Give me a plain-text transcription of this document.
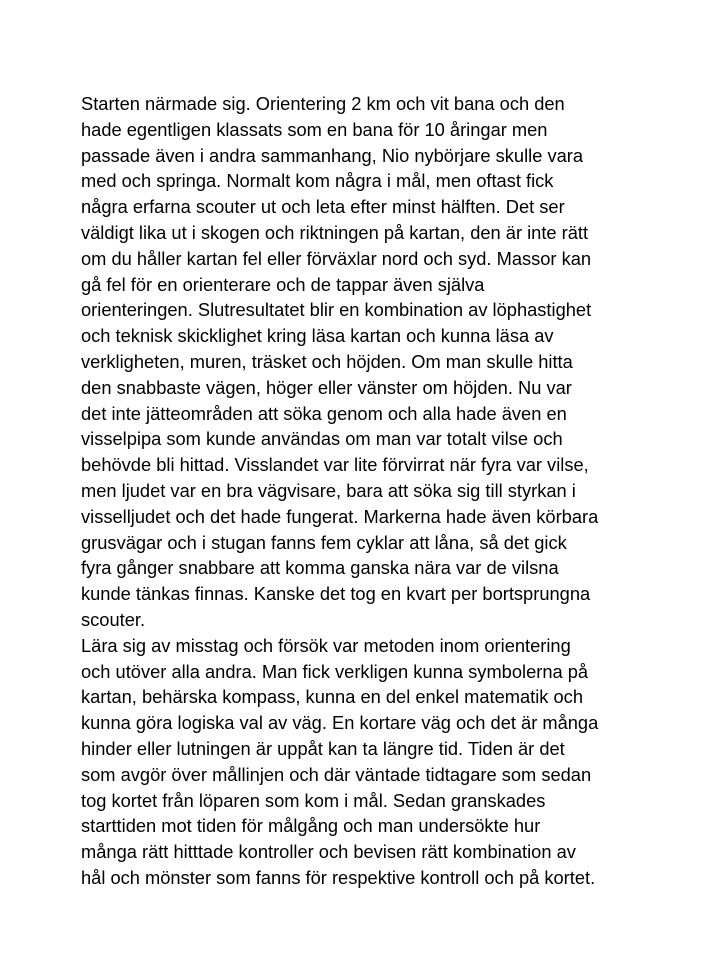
Starten närmade sig. Orientering 2 km och vit bana och den
hade egentligen klassats som en bana för 10 åringar men
passade även i andra sammanhang, Nio nybörjare skulle vara
med och springa. Normalt kom några i mål, men oftast fick
några erfarna scouter ut och leta efter minst hälften. Det ser
väldigt lika ut i skogen och riktningen på kartan, den är inte rätt
om du håller kartan fel eller förväxlar nord och syd. Massor kan
gå fel för en orienterare och de tappar även själva
orienteringen. Slutresultatet blir en kombination av löphastighet
och teknisk skicklighet kring läsa kartan och kunna läsa av
verkligheten, muren, träsket och höjden. Om man skulle hitta
den snabbaste vägen, höger eller vänster om höjden. Nu var
det inte jätteområden att söka genom och alla hade även en
visselpipa som kunde användas om man var totalt vilse och
behövde bli hittad. Visslandet var lite förvirrat när fyra var vilse,
men ljudet var en bra vägvisare, bara att söka sig till styrkan i
visselljudet och det hade fungerat. Markerna hade även körbara
grusvägar och i stugan fanns fem cyklar att låna, så det gick
fyra gånger snabbare att komma ganska nära var de vilsna
kunde tänkas finnas. Kanske det tog en kvart per bortsprungna
scouter.
Lära sig av misstag och försök var metoden inom orientering
och utöver alla andra. Man fick verkligen kunna symbolerna på
kartan, behärska kompass, kunna en del enkel matematik och
kunna göra logiska val av väg. En kortare väg och det är många
hinder eller lutningen är uppåt kan ta längre tid. Tiden är det
som avgör över mållinjen och där väntade tidtagare som sedan
tog kortet från löparen som kom i mål. Sedan granskades
starttiden mot tiden för målgång och man undersökte hur
många rätt hitttade kontroller och bevisen rätt kombination av
hål och mönster som fanns för respektive kontroll och på kortet.
